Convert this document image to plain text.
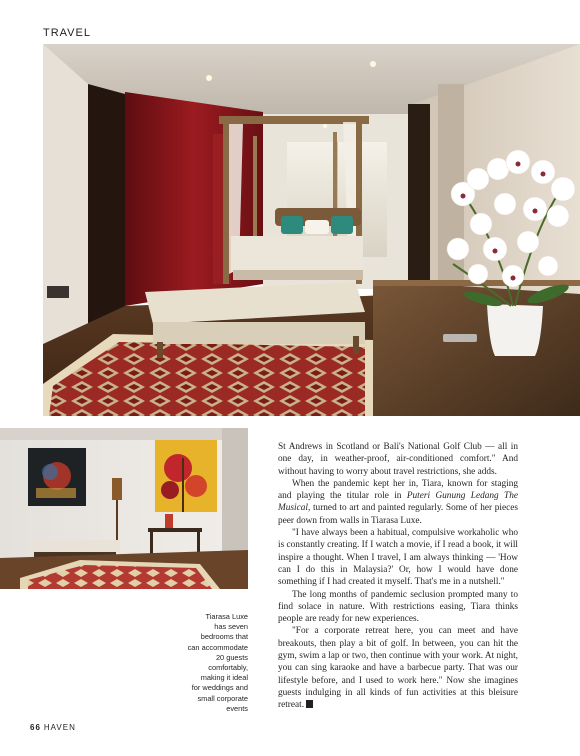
TRAVEL
Tiarasa Luxe
has seven
bedrooms that
can accommodate
20 guests
comfortably,
making it ideal
for weddings and
small corporate
events

St Andrews in Scotland or Bali's National Golf Club — all in one day, in weather-proof, air-conditioned comfort." And without having to worry about travel restrictions, she adds.

When the pandemic kept her in, Tiara, known for staging and playing the titular role in Puteri Gunung Ledang The Musical, turned to art and painted regularly. Some of her pieces peer down from walls in Tiarasa Luxe.

"I have always been a habitual, compulsive workaholic who is constantly creating. If I watch a movie, if I read a book, it will inspire a thought. When I travel, I am always thinking — 'How can I do this in Malaysia?' Or, how I would have done something if I had created it myself. That's me in a nutshell."

The long months of pandemic seclusion prompted many to find solace in nature. With restrictions easing, Tiara thinks people are ready for new experiences.

"For a corporate retreat here, you can meet and have breakouts, then play a bit of golf. In between, you can hit the gym, swim a lap or two, then continue with your work. At night, you can sing karaoke and have a barbecue party. That was our lifestyle before, and I used to work here." Now she imagines guests indulging in all kinds of fun activities at this bleisure retreat.

66 HAVEN
